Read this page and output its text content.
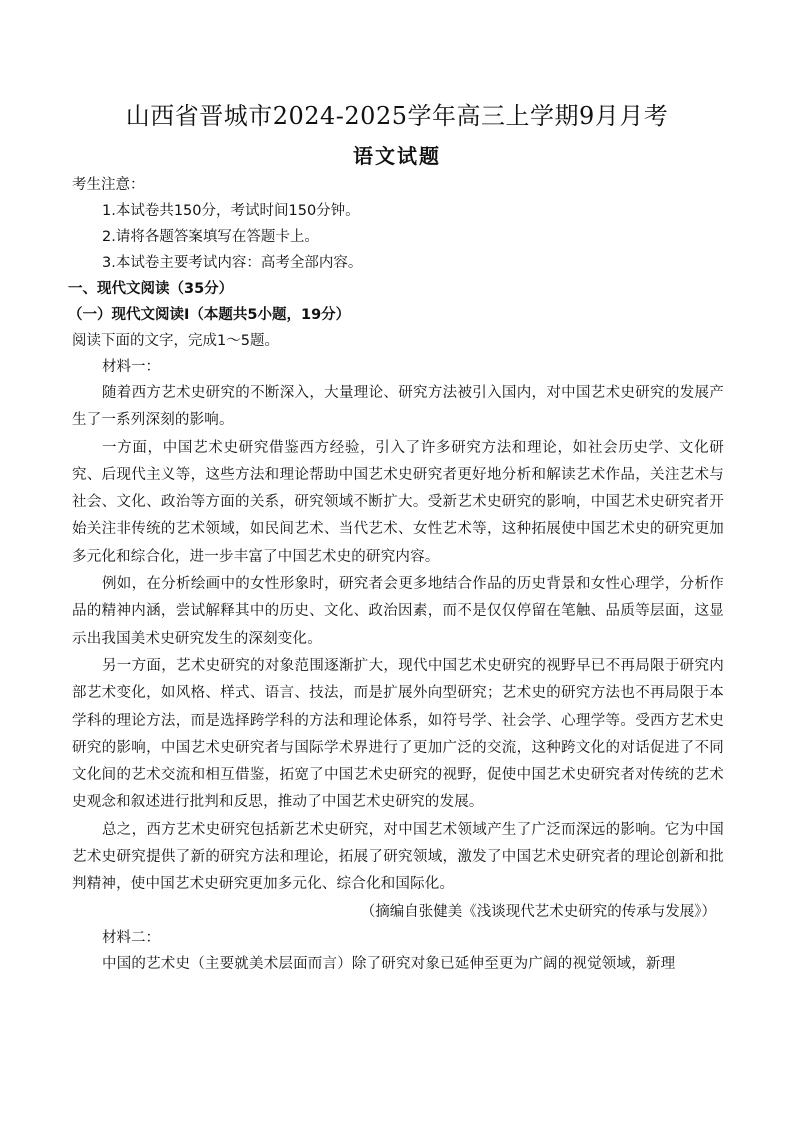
山西省晋城市2024-2025学年高三上学期9月月考
语文试题
考生注意：
1.本试卷共150分，考试时间150分钟。
2.请将各题答案填写在答题卡上。
3.本试卷主要考试内容：高考全部内容。
一、现代文阅读（35分）
（一）现代文阅读Ⅰ（本题共5小题，19分）
阅读下面的文字，完成1～5题。
材料一：
随着西方艺术史研究的不断深入，大量理论、研究方法被引入国内，对中国艺术史研究的发展产生了一系列深刻的影响。
一方面，中国艺术史研究借鉴西方经验，引入了许多研究方法和理论，如社会历史学、文化研究、后现代主义等，这些方法和理论帮助中国艺术史研究者更好地分析和解读艺术作品，关注艺术与社会、文化、政治等方面的关系，研究领域不断扩大。受新艺术史研究的影响，中国艺术史研究者开始关注非传统的艺术领域，如民间艺术、当代艺术、女性艺术等，这种拓展使中国艺术史的研究更加多元化和综合化，进一步丰富了中国艺术史的研究内容。
例如，在分析绘画中的女性形象时，研究者会更多地结合作品的历史背景和女性心理学，分析作品的精神内涵，尝试解释其中的历史、文化、政治因素，而不是仅仅停留在笔触、品质等层面，这显示出我国美术史研究发生的深刻变化。
另一方面，艺术史研究的对象范围逐渐扩大，现代中国艺术史研究的视野早已不再局限于研究内部艺术变化，如风格、样式、语言、技法，而是扩展外向型研究；艺术史的研究方法也不再局限于本学科的理论方法，而是选择跨学科的方法和理论体系，如符号学、社会学、心理学等。受西方艺术史研究的影响，中国艺术史研究者与国际学术界进行了更加广泛的交流，这种跨文化的对话促进了不同文化间的艺术交流和相互借鉴，拓宽了中国艺术史研究的视野，促使中国艺术史研究者对传统的艺术史观念和叙述进行批判和反思，推动了中国艺术史研究的发展。
总之，西方艺术史研究包括新艺术史研究，对中国艺术领域产生了广泛而深远的影响。它为中国艺术史研究提供了新的研究方法和理论，拓展了研究领域，激发了中国艺术史研究者的理论创新和批判精神，使中国艺术史研究更加多元化、综合化和国际化。
（摘编自张健美《浅谈现代艺术史研究的传承与发展》）
材料二：
中国的艺术史（主要就美术层面而言）除了研究对象已延伸至更为广阔的视觉领域，新理
